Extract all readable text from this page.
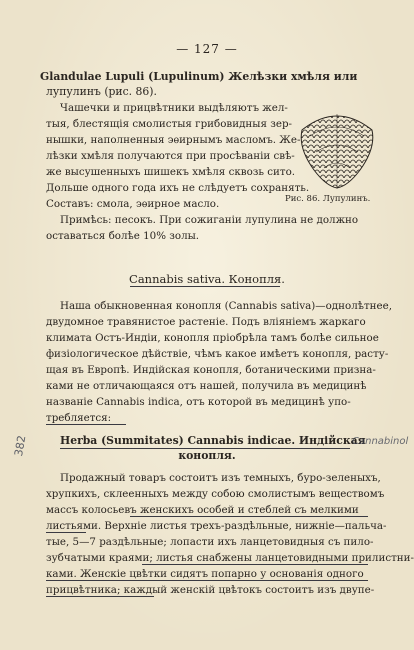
— 127 —
Glandulae Lupuli (Lupulinum) Желѣзки хмѣля или
лупулинъ (рис. 86).
Чашечки и прицвѣтники выдѣляютъ жел-
тыя, блестящія смолистыя грибовидныя зер-
нышки, наполненныя эѳирнымъ масломъ. Же-
лѣзки хмѣля получаются при просѣваніи свѣ-
же высушенныхъ шишекъ хмѣля сквозь сито.
Дольше одного года ихъ не слѣдуетъ сохранять.
Рис. 86. Лупулинъ.
Составъ: смола, эѳирное масло.
Примѣсь: песокъ. При сожиганіи лупулина не должно
оставаться болѣе 10% золы.
Cannabis sativa. Конопля.
Наша обыкновенная конопля (Cannabis sativa)—однолѣтнее,
двудомное травянистое растеніе. Подъ вліяніемъ жаркаго
климата Остъ-Индіи, конопля пріобрѣла тамъ болѣе сильное
физіологическое дѣйствіе, чѣмъ какое имѣетъ конопля, расту-
щая въ Европѣ. Индійская конопля, ботаническими призна-
ками не отличающаяся отъ нашей, получила въ медицинѣ
названіе Cannabis indica, отъ которой въ медицинѣ упо-
требляется:
Herba (Summitates) Cannabis indicae. Индійская
конопля.
Продажный товаръ состоитъ изъ темныхъ, буро-зеленыхъ,
хрупкихъ, склеенныхъ между собою смолистымъ веществомъ
массъ колосьевъ женскихъ особей и стеблей съ мелкими
листьями. Верхніе листья трехъ-раздѣльные, нижніе—пальча-
тые, 5—7 раздѣльные; лопасти ихъ ланцетовидныя съ пило-
зубчатыми краями; листья снабжены ланцетовидными прилистни-
ками. Женскіе цвѣтки сидятъ попарно у основанія одного
прицвѣтника; каждый женскій цвѣтокъ состоитъ изъ двупе-
382	Cannabinol
